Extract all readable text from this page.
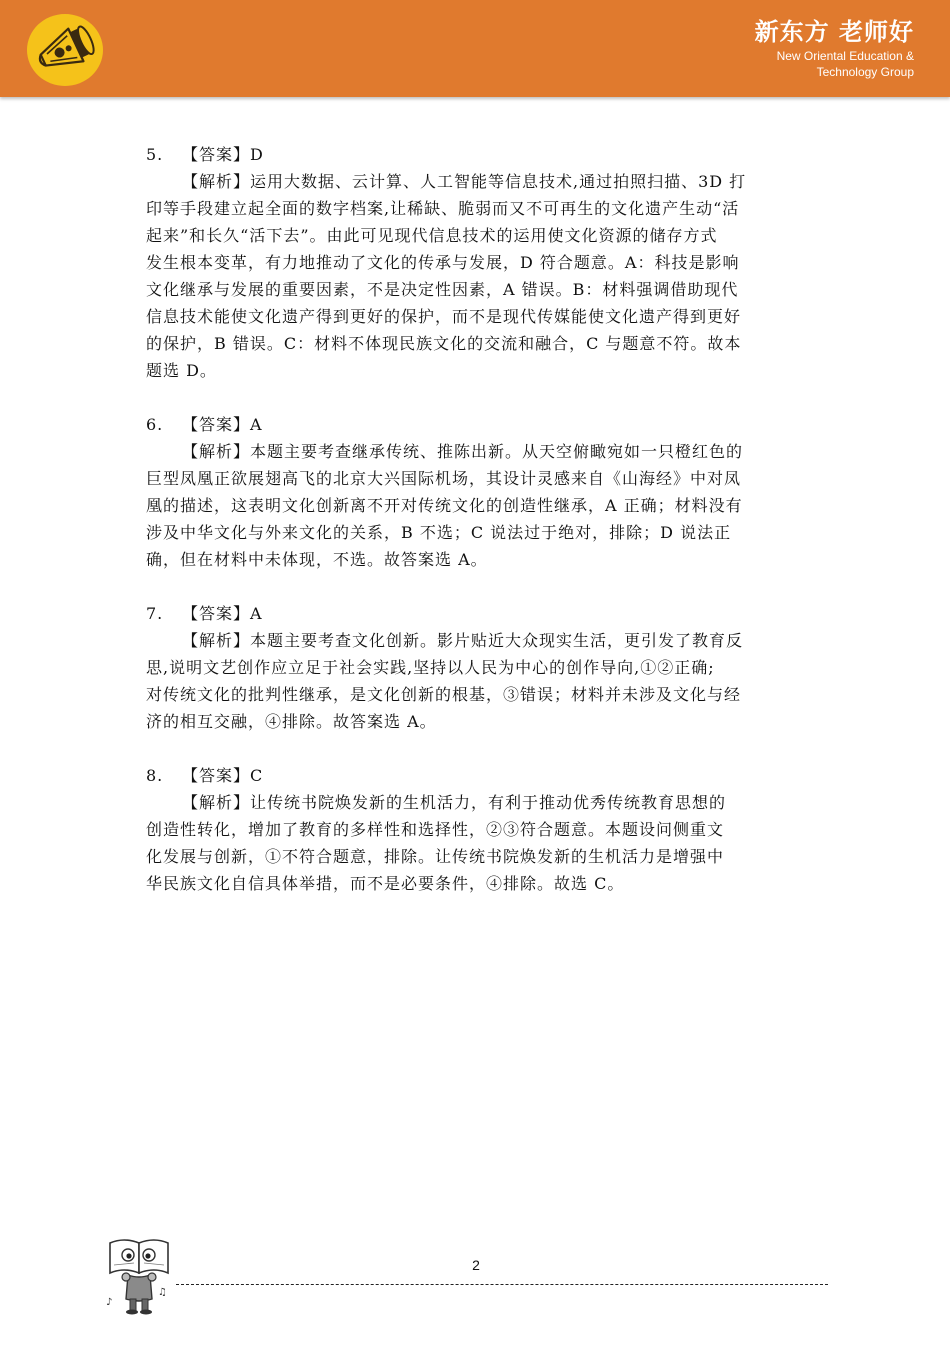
新东方 老师好
New Oriental Education &
Technology Group

5. 【答案】D

【解析】运用大数据、云计算、人工智能等信息技术,通过拍照扫描、3D 打

印等手段建立起全面的数字档案,让稀缺、脆弱而又不可再生的文化遗产生动“活

起来”和长久“活下去”。由此可见现代信息技术的运用使文化资源的储存方式

发生根本变革，有力地推动了文化的传承与发展，D 符合题意。A：科技是影响

文化继承与发展的重要因素，不是决定性因素，A 错误。B：材料强调借助现代

信息技术能使文化遗产得到更好的保护，而不是现代传媒能使文化遗产得到更好

的保护，B 错误。C：材料不体现民族文化的交流和融合，C 与题意不符。故本

题选 D。

6. 【答案】A

【解析】本题主要考查继承传统、推陈出新。从天空俯瞰宛如一只橙红色的

巨型凤凰正欲展翅高飞的北京大兴国际机场，其设计灵感来自《山海经》中对凤

凰的描述，这表明文化创新离不开对传统文化的创造性继承，A 正确；材料没有

涉及中华文化与外来文化的关系，B 不选；C 说法过于绝对，排除；D 说法正

确，但在材料中未体现，不选。故答案选 A。

7. 【答案】A

【解析】本题主要考查文化创新。影片贴近大众现实生活，更引发了教育反

思,说明文艺创作应立足于社会实践,坚持以人民为中心的创作导向,①②正确;

对传统文化的批判性继承，是文化创新的根基，③错误；材料并未涉及文化与经

济的相互交融，④排除。故答案选 A。

8. 【答案】C

【解析】让传统书院焕发新的生机活力，有利于推动优秀传统教育思想的

创造性转化，增加了教育的多样性和选择性，②③符合题意。本题设问侧重文

化发展与创新，①不符合题意，排除。让传统书院焕发新的生机活力是增强中

华民族文化自信具体举措，而不是必要条件，④排除。故选 C。

♪
♫
2
